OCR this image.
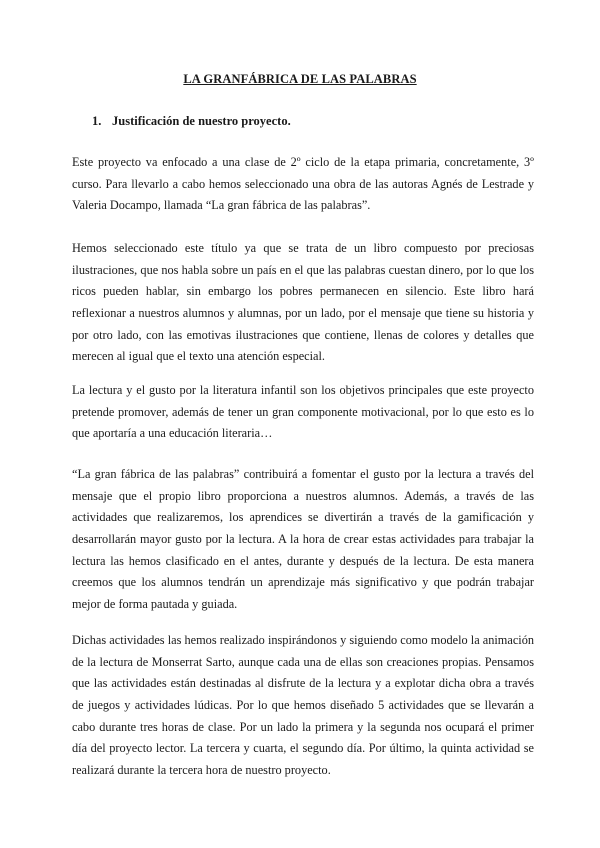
LA GRANFÁBRICA DE LAS PALABRAS
1. Justificación de nuestro proyecto.
Este proyecto va enfocado a una clase de 2º ciclo de la etapa primaria, concretamente, 3º
curso. Para llevarlo a cabo hemos seleccionado una obra de las autoras Agnés de Lestrade y
Valeria Docampo, llamada “La gran fábrica de las palabras”.
Hemos seleccionado este título ya que se trata de un libro compuesto por preciosas
ilustraciones, que nos habla sobre un país en el que las palabras cuestan dinero, por lo que los
ricos pueden hablar, sin embargo los pobres permanecen en silencio. Este libro hará
reflexionar a nuestros alumnos y alumnas, por un lado, por el mensaje que tiene su historia y
por otro lado, con las emotivas ilustraciones que contiene, llenas de colores y detalles que
merecen al igual que el texto una atención especial.
La lectura y el gusto por la literatura infantil son los objetivos principales que este proyecto
pretende promover, además de tener un gran componente motivacional, por lo que esto es lo
que aportaría a una educación literaria…
“La gran fábrica de las palabras” contribuirá a fomentar el gusto por la lectura a través del
mensaje que el propio libro proporciona a nuestros alumnos. Además, a través de las
actividades que realizaremos, los aprendices se divertirán a través de la gamificación y
desarrollarán mayor gusto por la lectura. A la hora de crear estas actividades para trabajar la
lectura las hemos clasificado en el antes, durante y después de la lectura. De esta manera
creemos que los alumnos tendrán un aprendizaje más significativo y que podrán trabajar
mejor de forma pautada y guiada.
Dichas actividades las hemos realizado inspirándonos y siguiendo como modelo la animación
de la lectura de Monserrat Sarto, aunque cada una de ellas son creaciones propias. Pensamos
que las actividades están destinadas al disfrute de la lectura y a explotar dicha obra a través
de juegos y actividades lúdicas. Por lo que hemos diseñado 5 actividades que se llevarán a
cabo durante tres horas de clase. Por un lado la primera y la segunda nos ocupará el primer
día del proyecto lector. La tercera y cuarta, el segundo día. Por último, la quinta actividad se
realizará durante la tercera hora de nuestro proyecto.
